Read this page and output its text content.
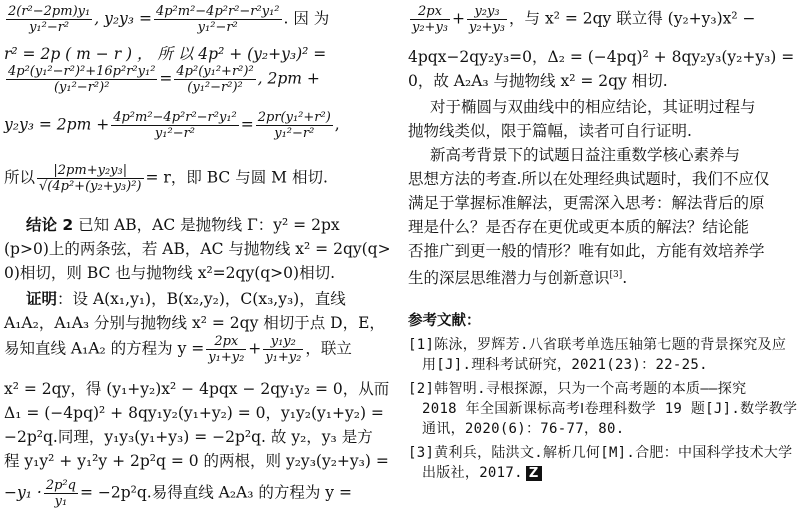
$\frac{\text{2(r²−2pm)y₁}}{\text{y₁²−r²}}$ , $y_2y_3 = \frac{\text{4p²m²−4p²r²−r²y₁²}}{\text{y₁²−r²}}$ . 因 为
r² = 2p ( m − r ) ， 所 以 4p² + (y₂+y₃)² =
$\frac{\text{4p²(y₁²−r²)²+16p²r²y₁²}}{\text{(y₁²−r²)²}} = \frac{\text{4p²(y₁²+r²)²}}{\text{(y₁²−r²)²}}$ , 2pm +
$y_2y_3 = 2pm + \frac{\text{4p²m²−4p²r²−r²y₁²}}{\text{y₁²−r²}} = \frac{\text{2pr(y₁²+r²)}}{\text{y₁²−r²}}$ ,
所以 $\frac{\text{|2pm+y₂y₃|}}{\text{√(4p²+(y₂+y₃)²)}} = r$，即 BC 与圆 M 相切.
结论 2 已知 AB，AC 是抛物线 Γ：y² = 2px
(p>0)上的两条弦，若 AB，AC 与抛物线 x² = 2qy(q>
0)相切，则 BC 也与抛物线 x²=2qy(q>0)相切.
证明：设 A(x₁,y₁)，B(x₂,y₂)，C(x₃,y₃)，直线
A₁A₂，A₁A₃ 分别与抛物线 x² = 2qy 相切于点 D，E，
易知直线 A₁A₂ 的方程为 $y = \frac{2px}{\text{y₁+y₂}} + \frac{\text{y₁y₂}}{\text{y₁+y₂}}$ ，联立
x² = 2qy，得 (y₁+y₂)x² − 4pqx − 2qy₁y₂ = 0，从而
Δ₁ = (−4pq)² + 8qy₁y₂(y₁+y₂) = 0，y₁y₂(y₁+y₂) =
−2p²q.同理，y₁y₃(y₁+y₃) = −2p²q. 故 y₂，y₃ 是方
程 y₁y² + y₁²y + 2p²q = 0 的两根，则 y₂y₃(y₂+y₃) =
$-y_1 \cdot \frac{\text{2p²q}}{\text{y₁}} = -2p^2q$.易得直线 A₂A₃ 的方程为 y =
$\frac{2px}{\text{y₂+y₃}} + \frac{\text{y₂y₃}}{\text{y₂+y₃}}$ ，与 x² = 2qy 联立得 (y₂+y₃)x² −
4pqx−2qy₂y₃=0，Δ₂ = (−4pq)² + 8qy₂y₃(y₂+y₃) =
0，故 A₂A₃ 与抛物线 x² = 2qy 相切.
对于椭圆与双曲线中的相应结论，其证明过程与
抛物线类似，限于篇幅，读者可自行证明.
新高考背景下的试题日益注重数学核心素养与
思想方法的考查.所以在处理经典试题时，我们不应仅
满足于掌握标准解法，更需深入思考：解法背后的原
理是什么？是否存在更优或更本质的解法？结论能
否推广到更一般的情形？唯有如此，方能有效培养学
生的深层思维潜力与创新意识[3].
参考文献：
[1]陈泳，罗辉芳.八省联考单选压轴第七题的背景探究及应
用[J].理科考试研究，2021(23)：22-25.
[2]韩智明.寻根探源，只为一个高考题的本质——探究
2018 年全国新课标高考Ⅰ卷理科数学 19 题[J].数学教学
通讯，2020(6)：76-77，80.
[3]黄利兵，陆洪文.解析几何[M].合肥：中国科学技术大学
出版社，2017. Z
